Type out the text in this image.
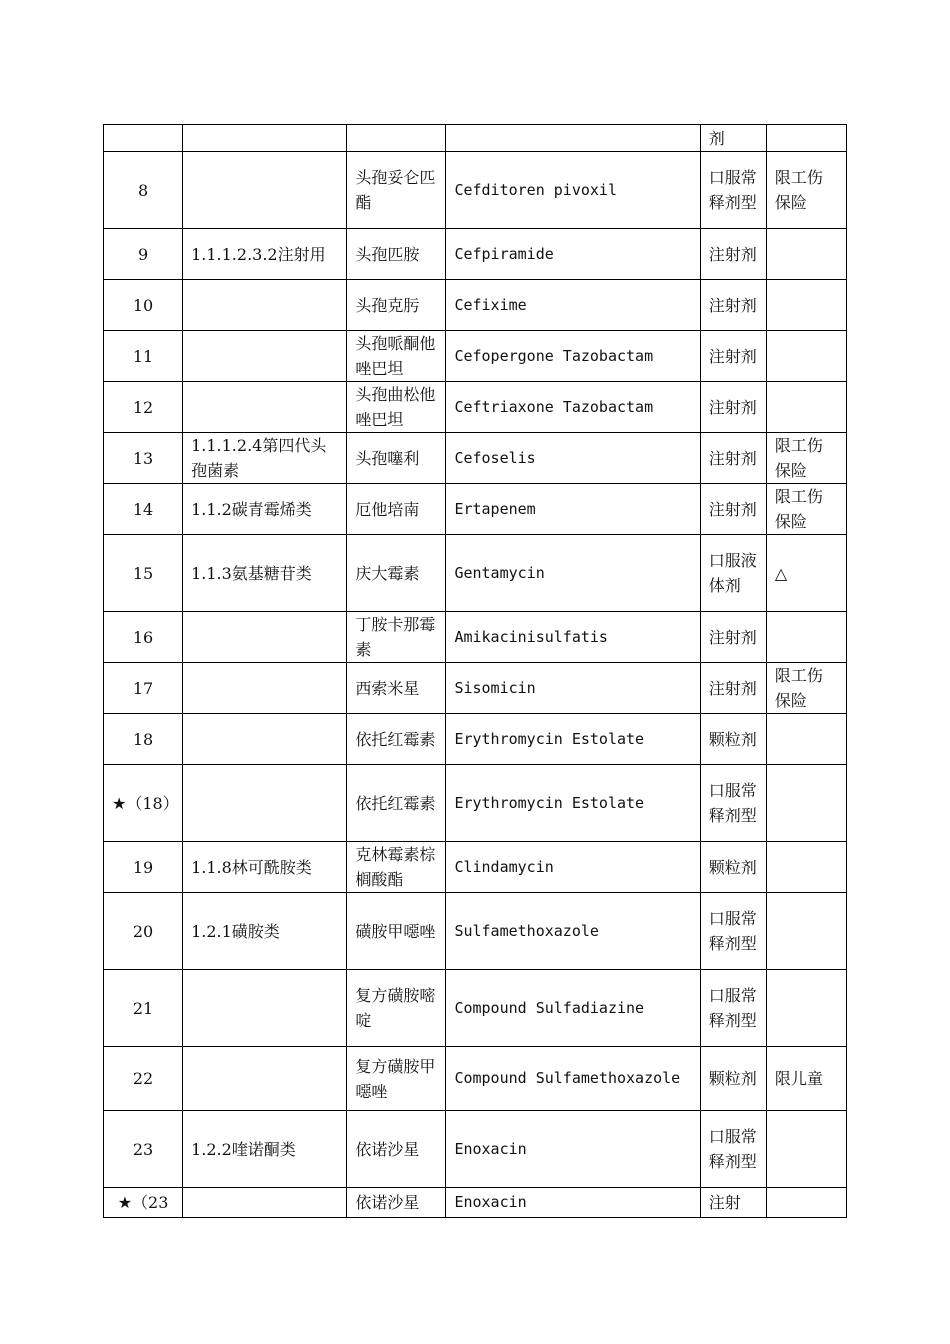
				剂	
8		头孢妥仑匹酯	Cefditoren pivoxil	口服常释剂型	限工伤保险
9	1.1.1.2.3.2注射用	头孢匹胺	Cefpiramide	注射剂	
10		头孢克肟	Cefixime	注射剂	
11		头孢哌酮他唑巴坦	Cefopergone Tazobactam	注射剂	
12		头孢曲松他唑巴坦	Ceftriaxone Tazobactam	注射剂	
13	1.1.1.2.4第四代头孢菌素	头孢噻利	Cefoselis	注射剂	限工伤保险
14	1.1.2碳青霉烯类	厄他培南	Ertapenem	注射剂	限工伤保险
15	1.1.3氨基糖苷类	庆大霉素	Gentamycin	口服液体剂	△
16		丁胺卡那霉素	Amikacinisulfatis	注射剂	
17		西索米星	Sisomicin	注射剂	限工伤保险
18		依托红霉素	Erythromycin Estolate	颗粒剂	
★（18）		依托红霉素	Erythromycin Estolate	口服常释剂型	
19	1.1.8林可酰胺类	克林霉素棕榈酸酯	Clindamycin	颗粒剂	
20	1.2.1磺胺类	磺胺甲噁唑	Sulfamethoxazole	口服常释剂型	
21		复方磺胺嘧啶	Compound Sulfadiazine	口服常释剂型	
22		复方磺胺甲噁唑	Compound Sulfamethoxazole	颗粒剂	限儿童
23	1.2.2喹诺酮类	依诺沙星	Enoxacin	口服常释剂型	
★（23		依诺沙星	Enoxacin	注射	
